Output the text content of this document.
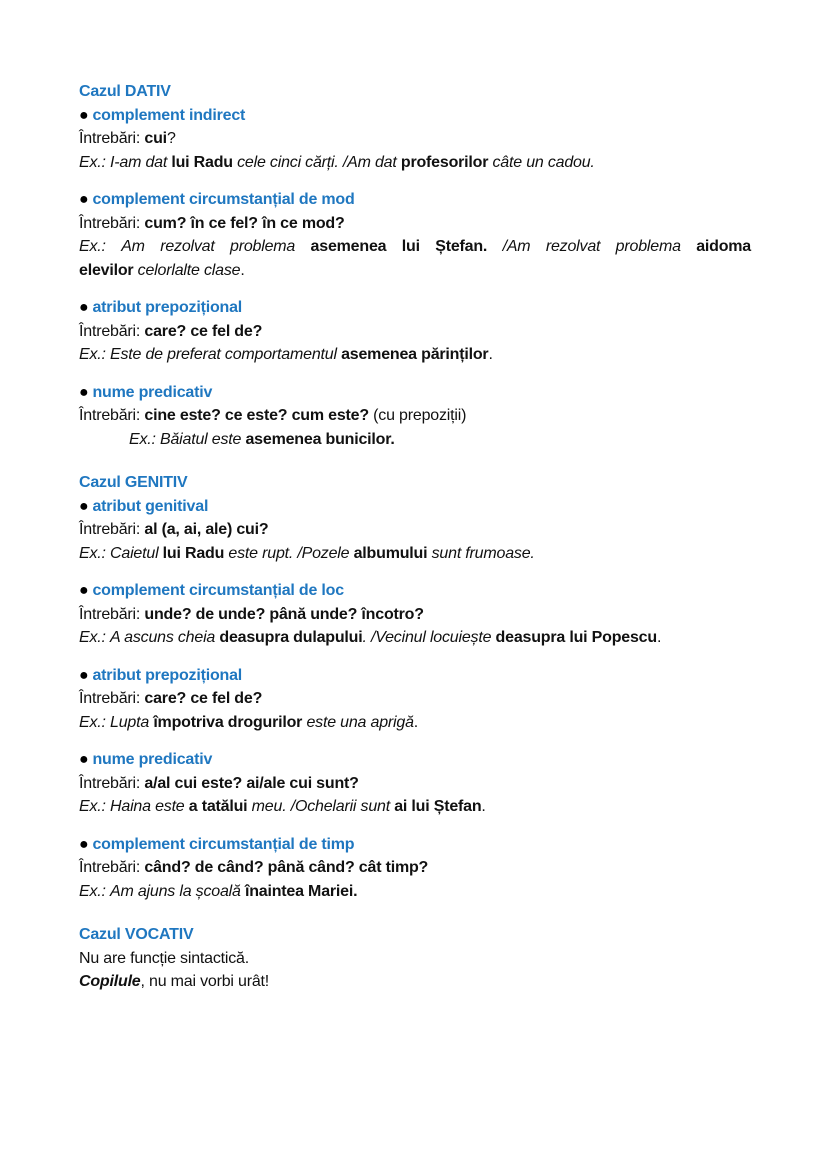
Cazul DATIV
● complement indirect
Întrebări: cui?
Ex.: I-am dat lui Radu cele cinci cărți. /Am dat profesorilor câte un cadou.
● complement circumstanțial de mod
Întrebări: cum? în ce fel? în ce mod?
Ex.: Am rezolvat problema asemenea lui Ștefan. /Am rezolvat problema aidoma
elevilor celorlalte clase.
● atribut prepozițional
Întrebări: care? ce fel de?
Ex.: Este de preferat comportamentul asemenea părinților.
● nume predicativ
Întrebări: cine este? ce este? cum este? (cu prepoziții)
Ex.: Băiatul este asemenea bunicilor.
Cazul GENITIV
● atribut genitival
Întrebări: al (a, ai, ale) cui?
Ex.: Caietul lui Radu este rupt. /Pozele albumului sunt frumoase.
● complement circumstanțial de loc
Întrebări: unde? de unde? până unde? încotro?
Ex.: A ascuns cheia deasupra dulapului. /Vecinul locuiește deasupra lui Popescu.
● atribut prepozițional
Întrebări: care? ce fel de?
Ex.: Lupta împotriva drogurilor este una aprigă.
● nume predicativ
Întrebări: a/al cui este? ai/ale cui sunt?
Ex.: Haina este a tatălui meu. /Ochelarii sunt ai lui Ștefan.
● complement circumstanțial de timp
Întrebări: când? de când? până când? cât timp?
Ex.: Am ajuns la școală înaintea Mariei.
Cazul VOCATIV
Nu are funcție sintactică.
Copilule, nu mai vorbi urât!
